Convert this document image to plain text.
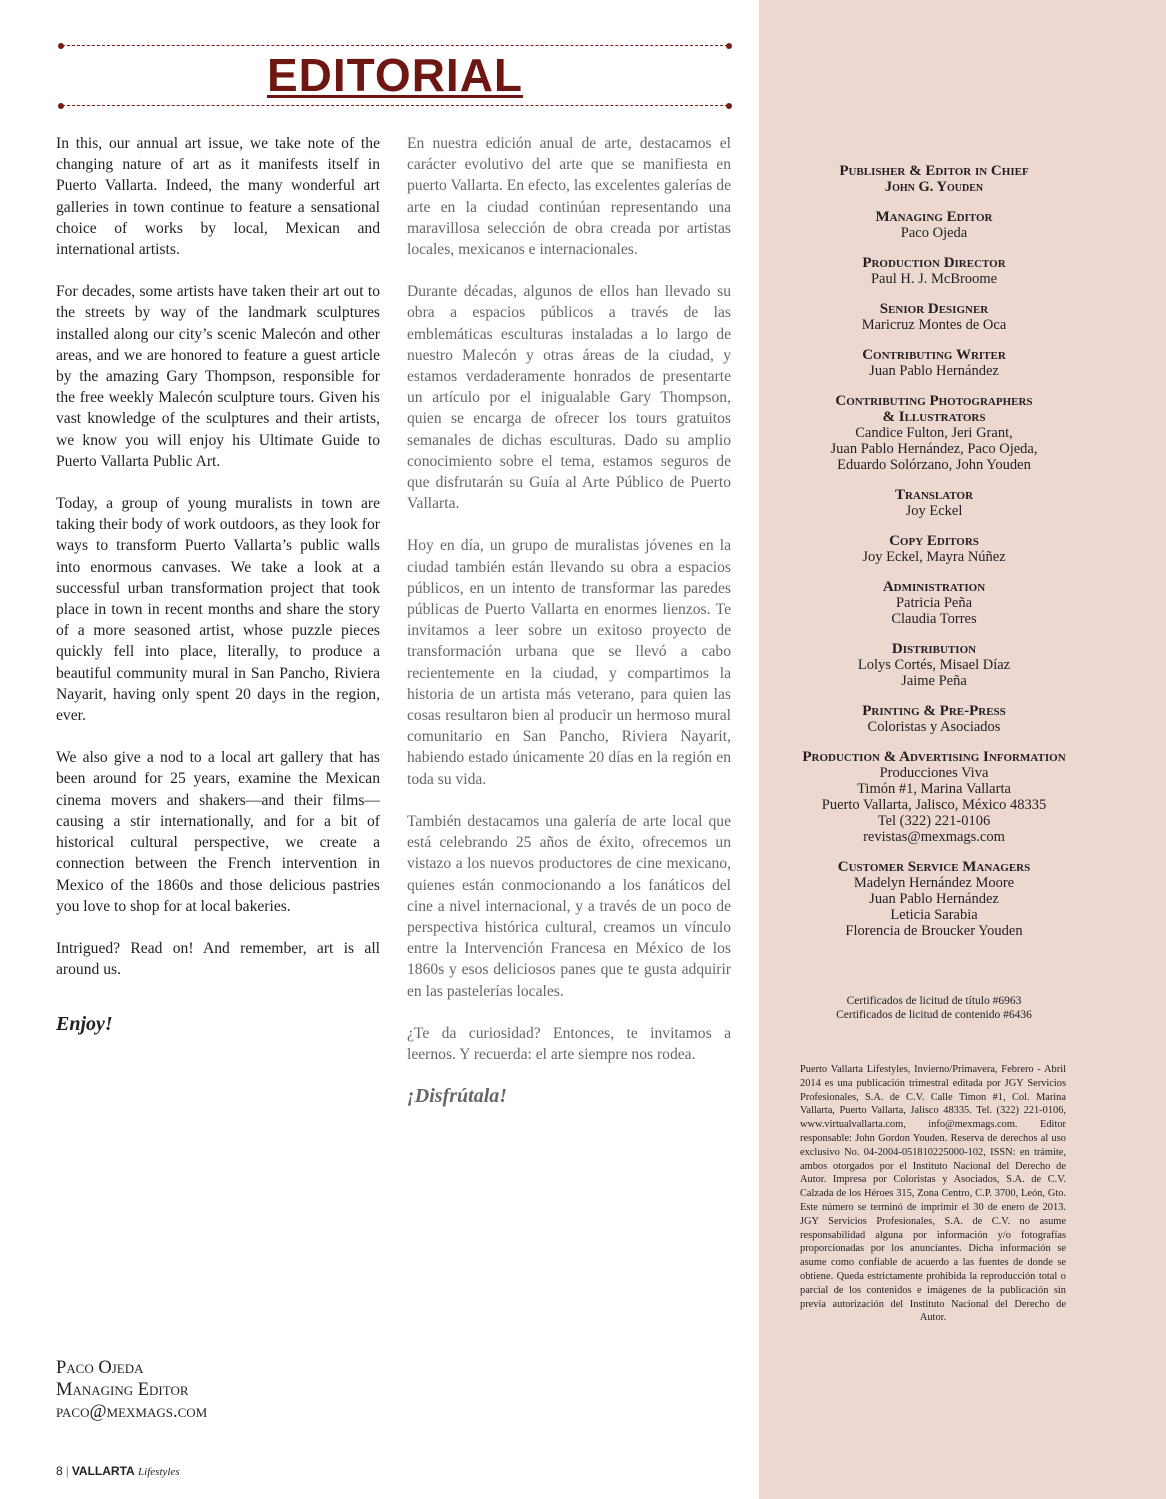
EDITORIAL

In this, our annual art issue, we take note of the changing nature of art as it manifests itself in Puerto Vallarta. Indeed, the many wonderful art galleries in town continue to feature a sensational choice of works by local, Mexican and international artists.

For decades, some artists have taken their art out to the streets by way of the landmark sculptures installed along our city’s scenic Malecón and other areas, and we are honored to feature a guest article by the amazing Gary Thompson, responsible for the free weekly Malecón sculpture tours. Given his vast knowledge of the sculptures and their artists, we know you will enjoy his Ultimate Guide to Puerto Vallarta Public Art.

Today, a group of young muralists in town are taking their body of work outdoors, as they look for ways to transform Puerto Vallarta’s public walls into enormous canvases. We take a look at a successful urban transformation project that took place in town in recent months and share the story of a more seasoned artist, whose puzzle pieces quickly fell into place, literally, to produce a beautiful community mural in San Pancho, Riviera Nayarit, having only spent 20 days in the region, ever.

We also give a nod to a local art gallery that has been around for 25 years, examine the Mexican cinema movers and shakers—and their films—causing a stir internationally, and for a bit of historical cultural perspective, we create a connection between the French intervention in Mexico of the 1860s and those delicious pastries you love to shop for at local bakeries.

Intrigued? Read on! And remember, art is all around us.

Enjoy!

En nuestra edición anual de arte, destacamos el carácter evolutivo del arte que se manifiesta en puerto Vallarta. En efecto, las excelentes galerías de arte en la ciudad continúan representando una maravillosa selección de obra creada por artistas locales, mexicanos e internacionales.

Durante décadas, algunos de ellos han llevado su obra a espacios públicos a través de las emblemáticas esculturas instaladas a lo largo de nuestro Malecón y otras áreas de la ciudad, y estamos verdaderamente honrados de presentarte un artículo por el inigualable Gary Thompson, quien se encarga de ofrecer los tours gratuitos semanales de dichas esculturas. Dado su amplio conocimiento sobre el tema, estamos seguros de que disfrutarán su Guía al Arte Público de Puerto Vallarta.

Hoy en día, un grupo de muralistas jóvenes en la ciudad también están llevando su obra a espacios públicos, en un intento de transformar las paredes públicas de Puerto Vallarta en enormes lienzos. Te invitamos a leer sobre un exitoso proyecto de transformación urbana que se llevó a cabo recientemente en la ciudad, y compartimos la historia de un artista más veterano, para quien las cosas resultaron bien al producir un hermoso mural comunitario en San Pancho, Riviera Nayarit, habiendo estado únicamente 20 días en la región en toda su vida.

También destacamos una galería de arte local que está celebrando 25 años de éxito, ofrecemos un vistazo a los nuevos productores de cine mexicano, quienes están conmocionando a los fanáticos del cine a nivel internacional, y a través de un poco de perspectiva histórica cultural, creamos un vínculo entre la Intervención Francesa en México de los 1860s y esos deliciosos panes que te gusta adquirir en las pastelerías locales.

¿Te da curiosidad? Entonces, te invitamos a leernos. Y recuerda: el arte siempre nos rodea.

¡Disfrútala!

Paco Ojeda
Managing Editor
paco@mexmags.com
8 | VALLARTA Lifestyles
Publisher & Editor in Chief
John G. Youden
Managing Editor
Paco Ojeda
Production Director
Paul H. J. McBroome
Senior Designer
Maricruz Montes de Oca
Contributing Writer
Juan Pablo Hernández
Contributing Photographers
& Illustrators
Candice Fulton, Jeri Grant,
Juan Pablo Hernández, Paco Ojeda,
Eduardo Solórzano, John Youden
Translator
Joy Eckel
Copy Editors
Joy Eckel, Mayra Núñez
Administration
Patricia Peña
Claudia Torres
Distribution
Lolys Cortés, Misael Díaz
Jaime Peña
Printing & Pre-Press
Coloristas y Asociados
Production & Advertising Information
Producciones Viva
Timón #1, Marina Vallarta
Puerto Vallarta, Jalisco, México 48335
Tel (322) 221-0106
revistas@mexmags.com
Customer Service Managers
Madelyn Hernández Moore
Juan Pablo Hernández
Leticia Sarabia
Florencia de Broucker Youden
Certificados de licitud de título #6963
Certificados de licitud de contenido #6436
Puerto Vallarta Lifestyles, Invierno/Primavera, Febrero - Abril 2014 es una publicación trimestral editada por JGY Servicios Profesionales, S.A. de C.V. Calle Timon #1, Col. Marina Vallarta, Puerto Vallarta, Jalisco 48335. Tel. (322) 221-0106, www.virtualvallarta.com, info@mexmags.com. Editor responsable: John Gordon Youden. Reserva de derechos al uso exclusivo No. 04-2004-051810225000-102, ISSN: en trámite, ambos otorgados por el Instituto Nacional del Derecho de Autor. Impresa por Coloristas y Asociados, S.A. de C.V. Calzada de los Héroes 315, Zona Centro, C.P. 3700, León, Gto. Este número se terminó de imprimir el 30 de enero de 2013. JGY Servicios Profesionales, S.A. de C.V. no asume responsabilidad alguna por información y/o fotografías proporcionadas por los anunciantes. Dicha información se asume como confiable de acuerdo a las fuentes de donde se obtiene. Queda estrictamente prohibida la reproducción total o parcial de los contenidos e imágenes de la publicación sin previa autorización del Instituto Nacional del Derecho de Autor.
